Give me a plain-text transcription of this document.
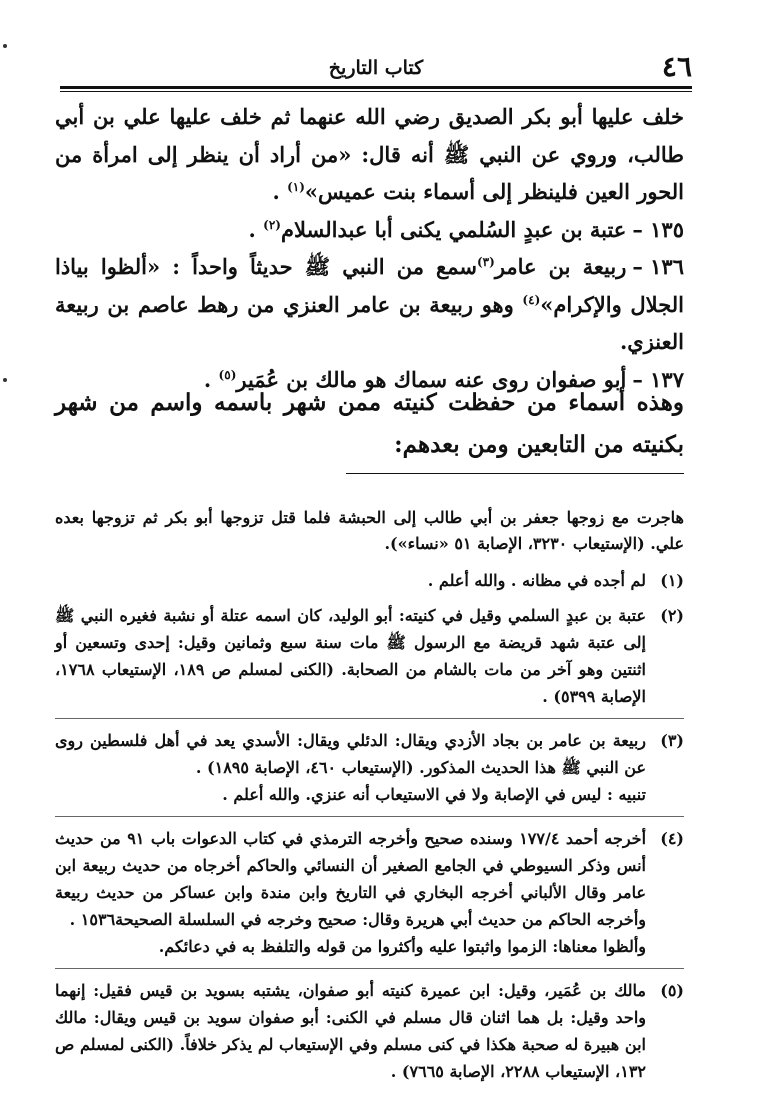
٤٦
كتاب التاريخ

خلف عليها أبو بكر الصديق رضي الله عنهما ثم خلف عليها علي بن أبي طالب، وروي عن النبي ﷺ أنه قال: «من أراد أن ينظر إلى امرأة من الحور العين فلينظر إلى أسماء بنت عميس»$^{(١)}$ .

١٣٥ –عتبة بن عبدٍ السُلمي يكنى أبا عبدالسلام$^{(٢)}$ .

١٣٦ –ربيعة بن عامر$^{(٣)}$سمع من النبي ﷺ حديثاً واحداً : «ألظوا بياذا الجلال والإكرام»$^{(٤)}$ وهو ربيعة بن عامر العنزي من رهط عاصم بن ربيعة العنزي.

١٣٧ –أبو صفوان روى عنه سماك هو مالك بن عُمَير$^{(٥)}$ .

وهذه أسماء من حفظت كنيته ممن شهر باسمه واسم من شهر بكنيته من التابعين ومن بعدهم:

هاجرت مع زوجها جعفر بن أبي طالب إلى الحبشة فلما قتل تزوجها أبو بكر ثم تزوجها بعده علي. (الإستيعاب ٣٢٣٠، الإصابة ٥١ «نساء»).

(١)
لم أجده في مظانه . والله أعلم .
(٢)
عتبة بن عبدٍ السلمي وقيل في كنيته: أبو الوليد، كان اسمه عتلة أو نشبة فغيره النبي ﷺ إلى عتبة شهد قريضة مع الرسول ﷺ مات سنة سبع وثمانين وقيل: إحدى وتسعين أو اثنتين وهو آخر من مات بالشام من الصحابة. (الكنى لمسلم ص ١٨٩، الإستيعاب ١٧٦٨، الإصابة ٥٣٩٩) .
(٣)
ربيعة بن عامر بن بجاد الأزدي ويقال: الدئلي ويقال: الأسدي يعد في أهل فلسطين روى عن النبي ﷺ هذا الحديث المذكور. (الإستيعاب ٤٦٠، الإصابة ١٨٩٥) .
تنبيه : ليس في الإصابة ولا في الاستيعاب أنه عنزي. والله أعلم .
(٤)
أخرجه أحمد ١٧٧/٤ وسنده صحيح وأخرجه الترمذي في كتاب الدعوات باب ٩١ من حديث أنس وذكر السيوطي في الجامع الصغير أن النسائي والحاكم أخرجاه من حديث ربيعة ابن عامر وقال الألباني أخرجه البخاري في التاريخ وابن مندة وابن عساكر من حديث ربيعة وأخرجه الحاكم من حديث أبي هريرة وقال: صحيح وخرجه في السلسلة الصحيحة١٥٣٦ .
وألظوا معناها: الزموا واثبتوا عليه وأكثروا من قوله والتلفظ به في دعائكم.
(٥)
مالك بن عُمَير، وقيل: ابن عميرة كنيته أبو صفوان، يشتبه بسويد بن قيس فقيل: إنهما واحد وقيل: بل هما اثنان قال مسلم في الكنى: أبو صفوان سويد بن قيس ويقال: مالك ابن هبيرة له صحبة هكذا في كنى مسلم وفي الإستيعاب لم يذكر خلافاً. (الكنى لمسلم ص ١٣٢، الإستيعاب ٢٢٨٨، الإصابة ٧٦٦٥) .
